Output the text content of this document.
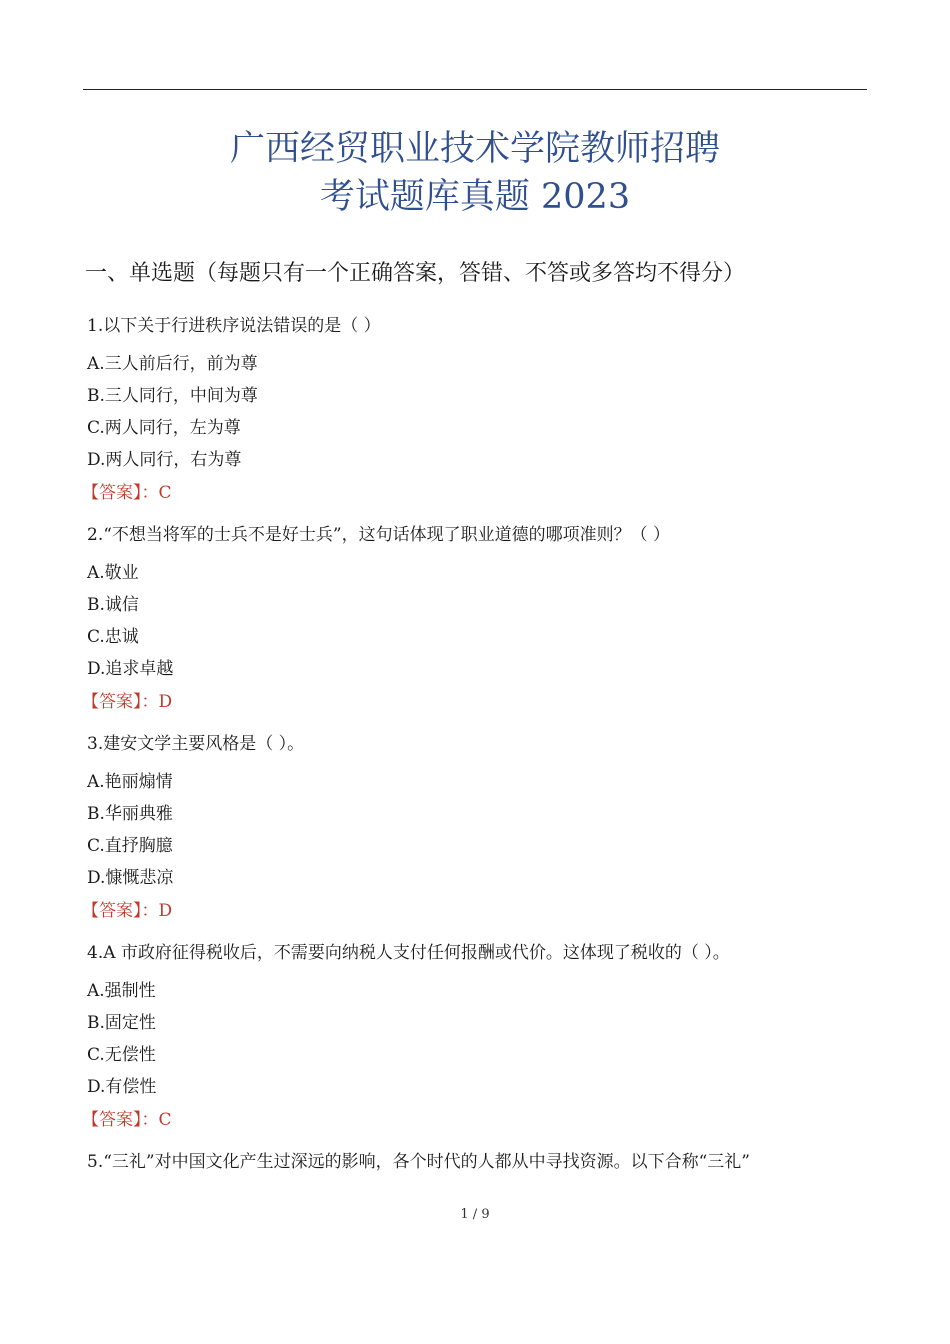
广西经贸职业技术学院教师招聘
考试题库真题 2023
一、单选题（每题只有一个正确答案，答错、不答或多答均不得分）
1.以下关于行进秩序说法错误的是（ ）
A.三人前后行，前为尊
B.三人同行，中间为尊
C.两人同行，左为尊
D.两人同行，右为尊
【答案】：C
2.“不想当将军的士兵不是好士兵”，这句话体现了职业道德的哪项准则？（ ）
A.敬业
B.诚信
C.忠诚
D.追求卓越
【答案】：D
3.建安文学主要风格是（ ）。
A.艳丽煽情
B.华丽典雅
C.直抒胸臆
D.慷慨悲凉
【答案】：D
4.A 市政府征得税收后，不需要向纳税人支付任何报酬或代价。这体现了税收的（ ）。
A.强制性
B.固定性
C.无偿性
D.有偿性
【答案】：C
5.“三礼”对中国文化产生过深远的影响，各个时代的人都从中寻找资源。以下合称“三礼”
1 / 9
